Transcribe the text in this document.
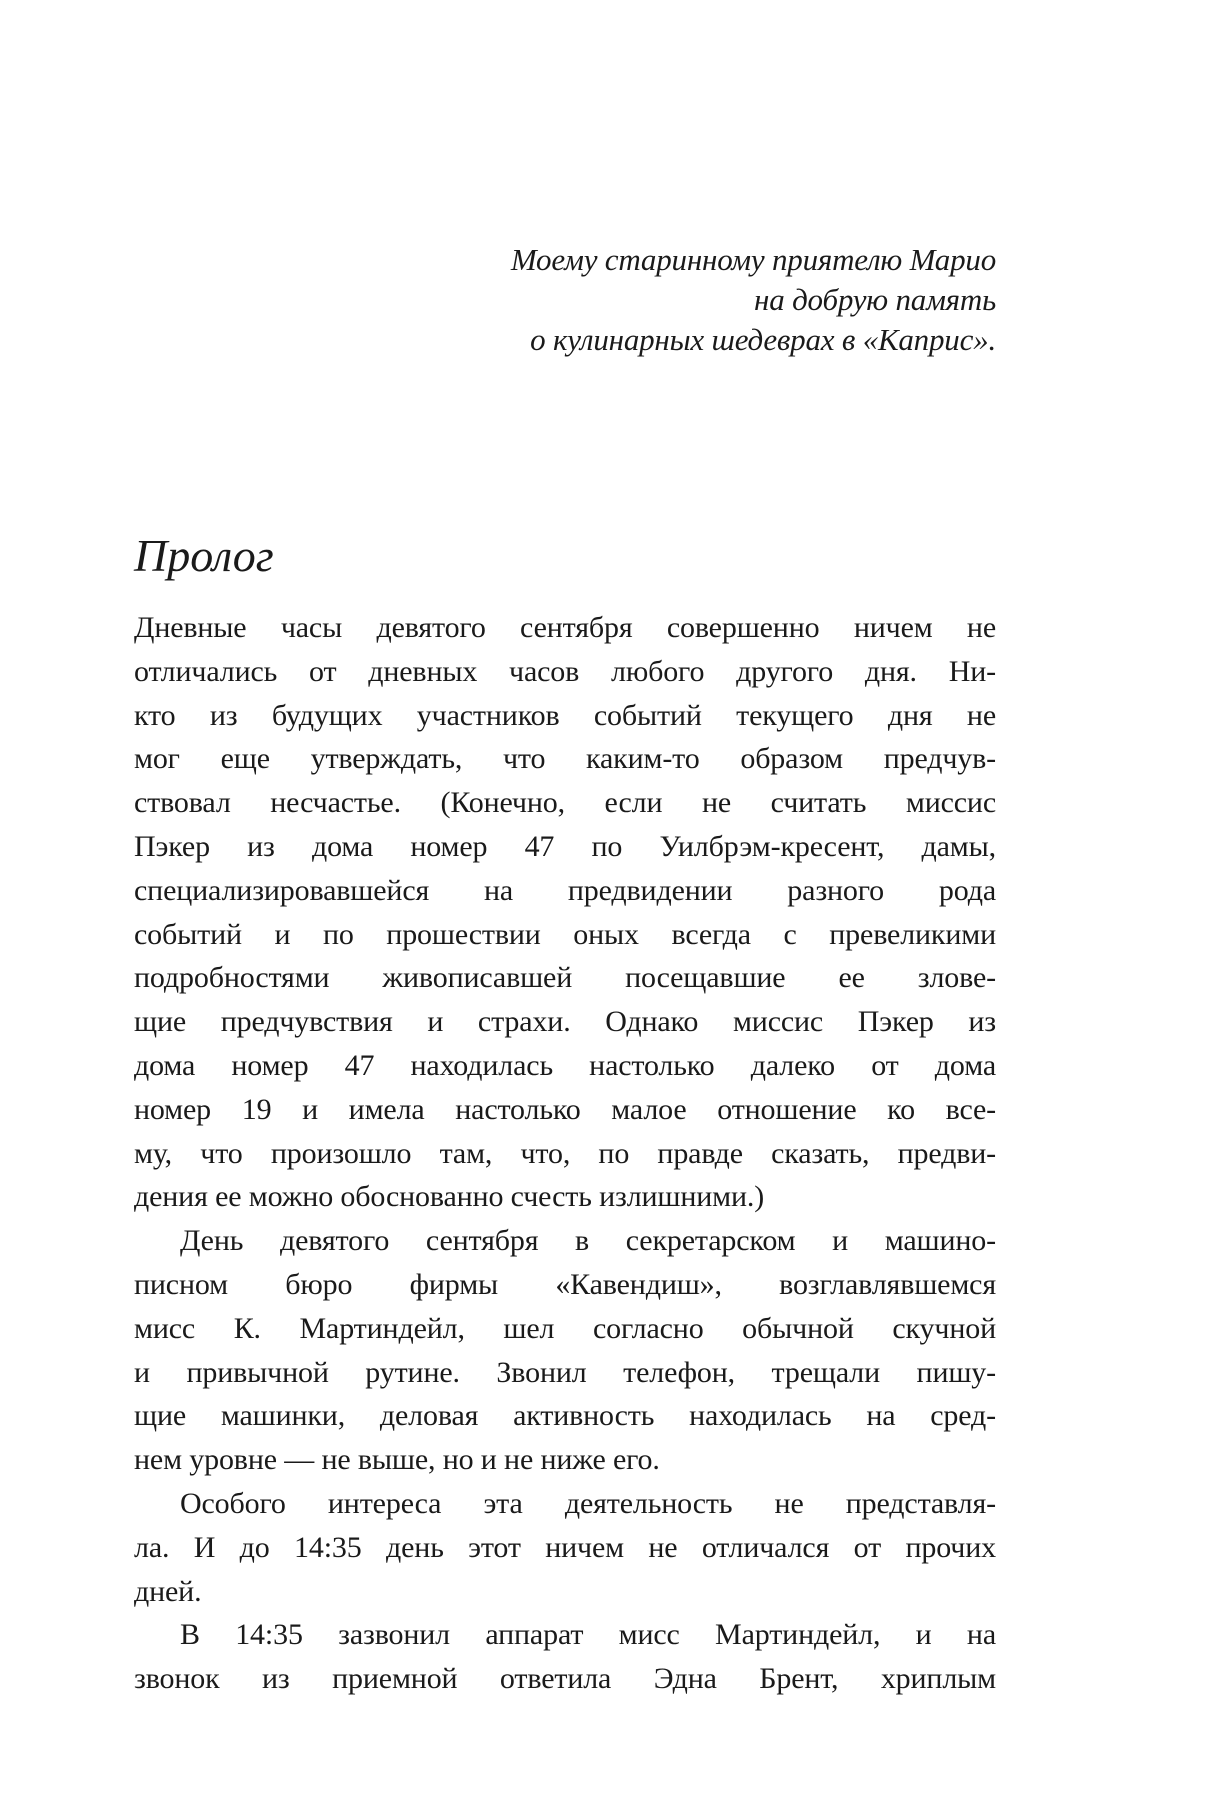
Моему старинному приятелю Марио
на добрую память
о кулинарных шедеврах в «Каприс».
Пролог
Дневные часы девятого сентября совершенно ничем не
отличались от дневных часов любого другого дня. Ни-
кто из будущих участников событий текущего дня не
мог еще утверждать, что каким-то образом предчув-
ствовал несчастье. (Конечно, если не считать миссис
Пэкер из дома номер 47 по Уилбрэм-кресент, дамы,
специализировавшейся на предвидении разного рода
событий и по прошествии оных всегда с превеликими
подробностями живописавшей посещавшие ее злове-
щие предчувствия и страхи. Однако миссис Пэкер из
дома номер 47 находилась настолько далеко от дома
номер 19 и имела настолько малое отношение ко все-
му, что произошло там, что, по правде сказать, предви-
дения ее можно обоснованно счесть излишними.)
День девятого сентября в секретарском и машино-
писном бюро фирмы «Кавендиш», возглавлявшемся
мисс К. Мартиндейл, шел согласно обычной скучной
и привычной рутине. Звонил телефон, трещали пишу-
щие машинки, деловая активность находилась на сред-
нем уровне — не выше, но и не ниже его.
Особого интереса эта деятельность не представля-
ла. И до 14:35 день этот ничем не отличался от прочих
дней.
В 14:35 зазвонил аппарат мисс Мартиндейл, и на
звонок из приемной ответила Эдна Брент, хриплым
